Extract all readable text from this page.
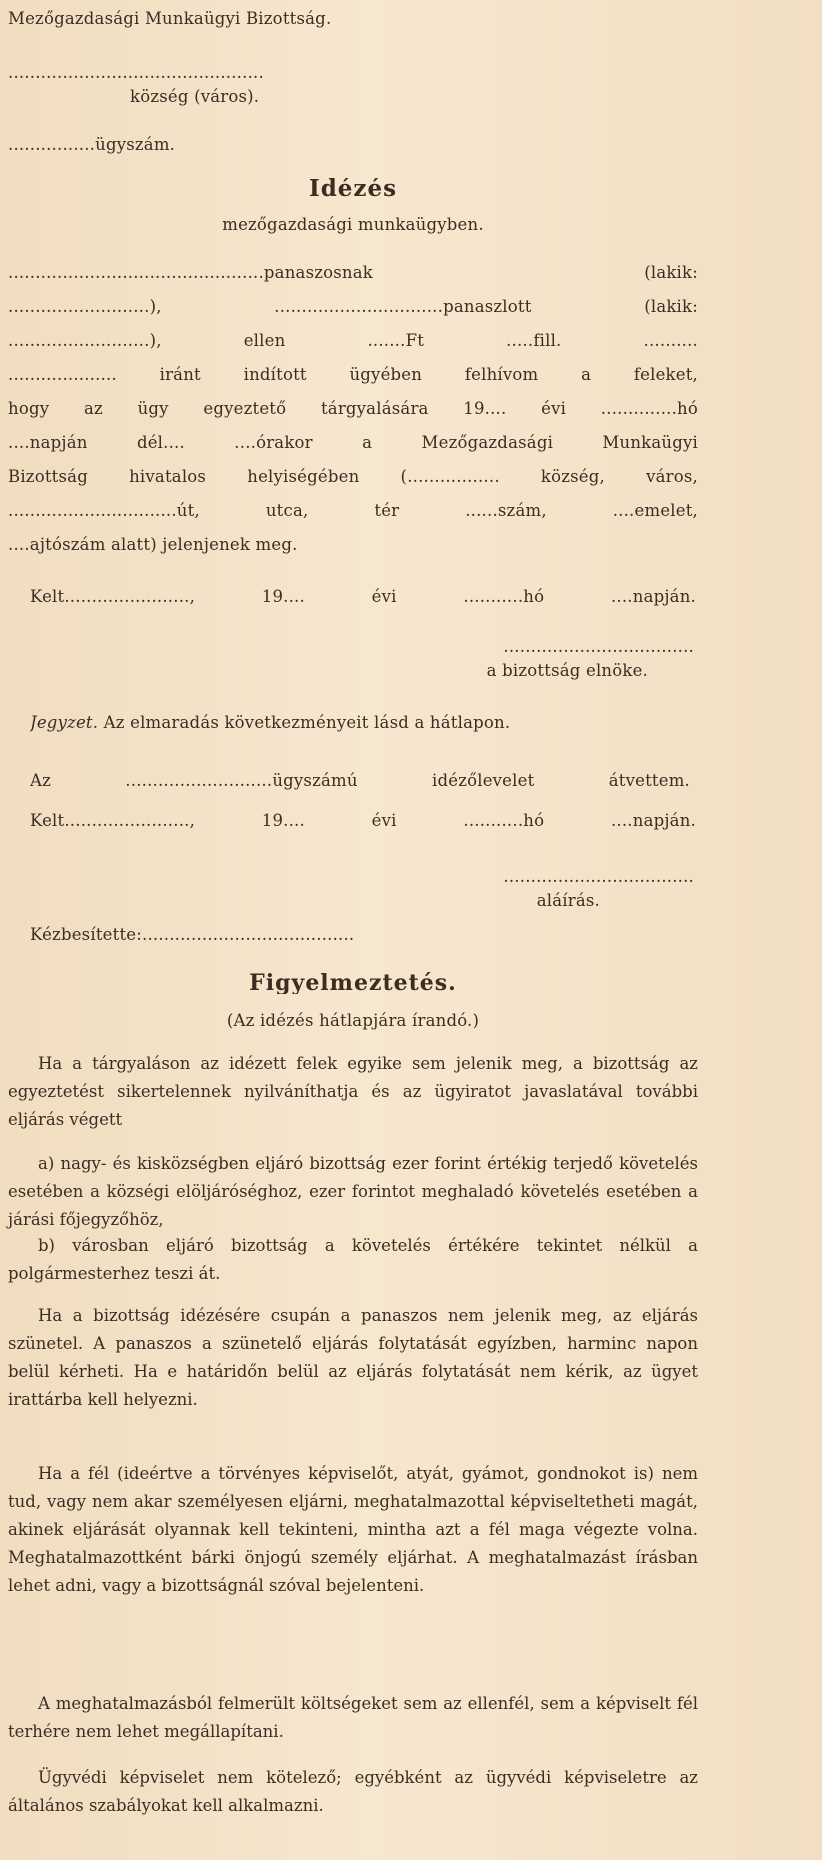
Mezőgazdasági Munkaügyi Bizottság.
...............................................
község (város).
................ügyszám.
Idézés
mezőgazdasági munkaügyben.
...............................................panaszosnak (lakik:
..........................), ...............................panaszlott (lakik:
..........................), ellen .......Ft .....fill. ..........
.................... iránt indított ügyében felhívom a feleket,
hogy az ügy egyeztető tárgyalására 19.... évi ..............hó
....napján dél.... ....órakor a Mezőgazdasági Munkaügyi
Bizottság hivatalos helyiségében (................. község, város,
...............................út, utca, tér ......szám, ....emelet,
....ajtószám alatt) jelenjenek meg.
Kelt......................., 19.... évi ...........hó ....napján.
...................................
a bizottság elnöke.
Jegyzet. Az elmaradás következményeit lásd a hátlapon.
Az ...........................ügyszámú idézőlevelet átvettem.
Kelt......................., 19.... évi ...........hó ....napján.
...................................
aláírás.
Kézbesítette:.......................................
Figyelmeztetés.
(Az idézés hátlapjára írandó.)
Ha a tárgyaláson az idézett felek egyike sem jelenik meg, a bizottság az egyeztetést sikertelennek nyilváníthatja és az ügyiratot javaslatával további eljárás végett
a) nagy- és kisközségben eljáró bizottság ezer forint értékig terjedő követelés esetében a községi elöljáróséghoz, ezer forintot meghaladó követelés esetében a járási főjegyzőhöz,
b) városban eljáró bizottság a követelés értékére tekintet nélkül a polgármesterhez teszi át.
Ha a bizottság idézésére csupán a panaszos nem jelenik meg, az eljárás szünetel. A panaszos a szünetelő eljárás folytatását egyízben, harminc napon belül kérheti. Ha e határidőn belül az eljárás folytatását nem kérik, az ügyet irattárba kell helyezni.
Ha a fél (ideértve a törvényes képviselőt, atyát, gyámot, gondnokot is) nem tud, vagy nem akar személyesen eljárni, meghatalmazottal képviseltetheti magát, akinek eljárását olyannak kell tekinteni, mintha azt a fél maga végezte volna. Meghatalmazottként bárki önjogú személy eljárhat. A meghatalmazást írásban lehet adni, vagy a bizottságnál szóval bejelenteni.
A meghatalmazásból felmerült költségeket sem az ellenfél, sem a képviselt fél terhére nem lehet megállapítani.
Ügyvédi képviselet nem kötelező; egyébként az ügyvédi képviseletre az általános szabályokat kell alkalmazni.
